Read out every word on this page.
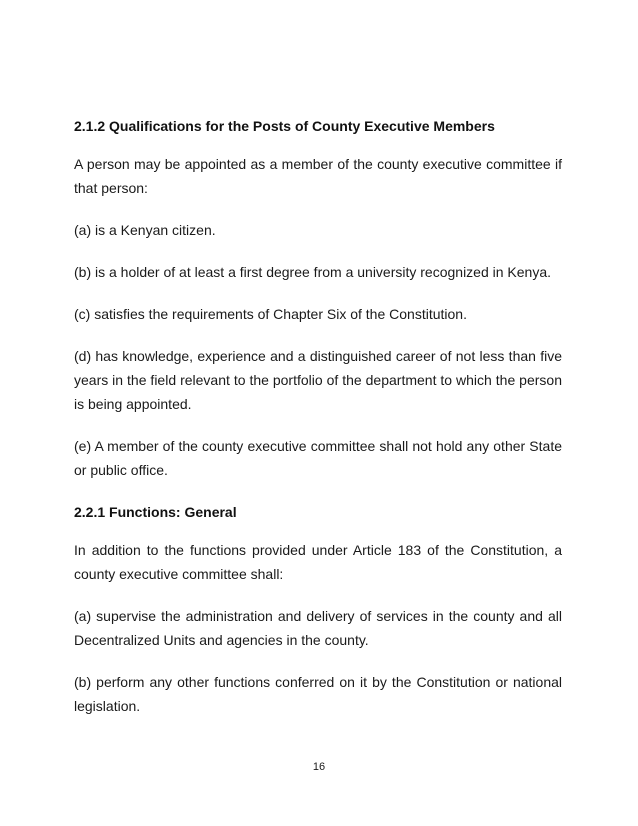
2.1.2 Qualifications for the Posts of County Executive Members

A person may be appointed as a member of the county executive committee if that person:

(a) is a Kenyan citizen.

(b) is a holder of at least a first degree from a university recognized in Kenya.

(c) satisfies the requirements of Chapter Six of the Constitution.

(d) has knowledge, experience and a distinguished career of not less than five years in the field relevant to the portfolio of the department to which the person is being appointed.

(e) A member of the county executive committee shall not hold any other State or public office.

2.2.1 Functions: General

In addition to the functions provided under Article 183 of the Constitution, a county executive committee shall:

(a) supervise the administration and delivery of services in the county and all Decentralized Units and agencies in the county.

(b) perform any other functions conferred on it by the Constitution or national legislation.

16
